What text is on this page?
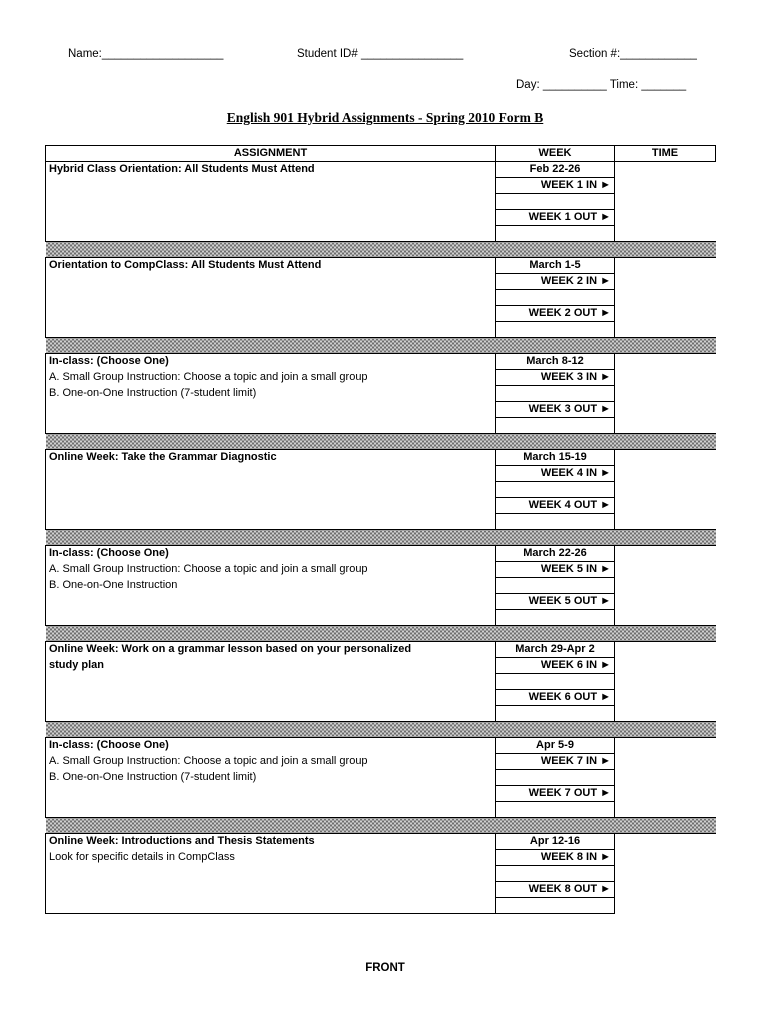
Name:___________________	Student ID# ________________	Section #:____________
Day: __________ Time: _______
English 901 Hybrid Assignments - Spring 2010 Form B
ASSIGNMENT	WEEK	TIME
Hybrid Class Orientation: All Students Must Attend	Feb 22-26	
	WEEK 1 IN ►	

	WEEK 1 OUT ►	

Orientation to CompClass: All Students Must Attend	March 1-5	
	WEEK 2 IN ►	

	WEEK 2 OUT ►	

In-class: (Choose One)	March 8-12	
A. Small Group Instruction: Choose a topic and join a small group	WEEK 3 IN ►	
B. One-on-One Instruction (7-student limit)		
	WEEK 3 OUT ►	

Online Week: Take the Grammar Diagnostic	March 15-19	
	WEEK 4 IN ►	

	WEEK 4 OUT ►	

In-class: (Choose One)	March 22-26	
A. Small Group Instruction: Choose a topic and join a small group	WEEK 5 IN ►	
B. One-on-One Instruction		
	WEEK 5 OUT ►	

Online Week: Work on a grammar lesson based on your personalized	March 29-Apr 2	
study plan	WEEK 6 IN ►	

	WEEK 6 OUT ►	

In-class: (Choose One)	Apr 5-9	
A. Small Group Instruction: Choose a topic and join a small group	WEEK 7 IN ►	
B. One-on-One Instruction (7-student limit)		
	WEEK 7 OUT ►	

Online Week: Introductions and Thesis Statements	Apr 12-16	
Look for specific details in CompClass	WEEK 8 IN ►	

	WEEK 8 OUT ►	

FRONT
